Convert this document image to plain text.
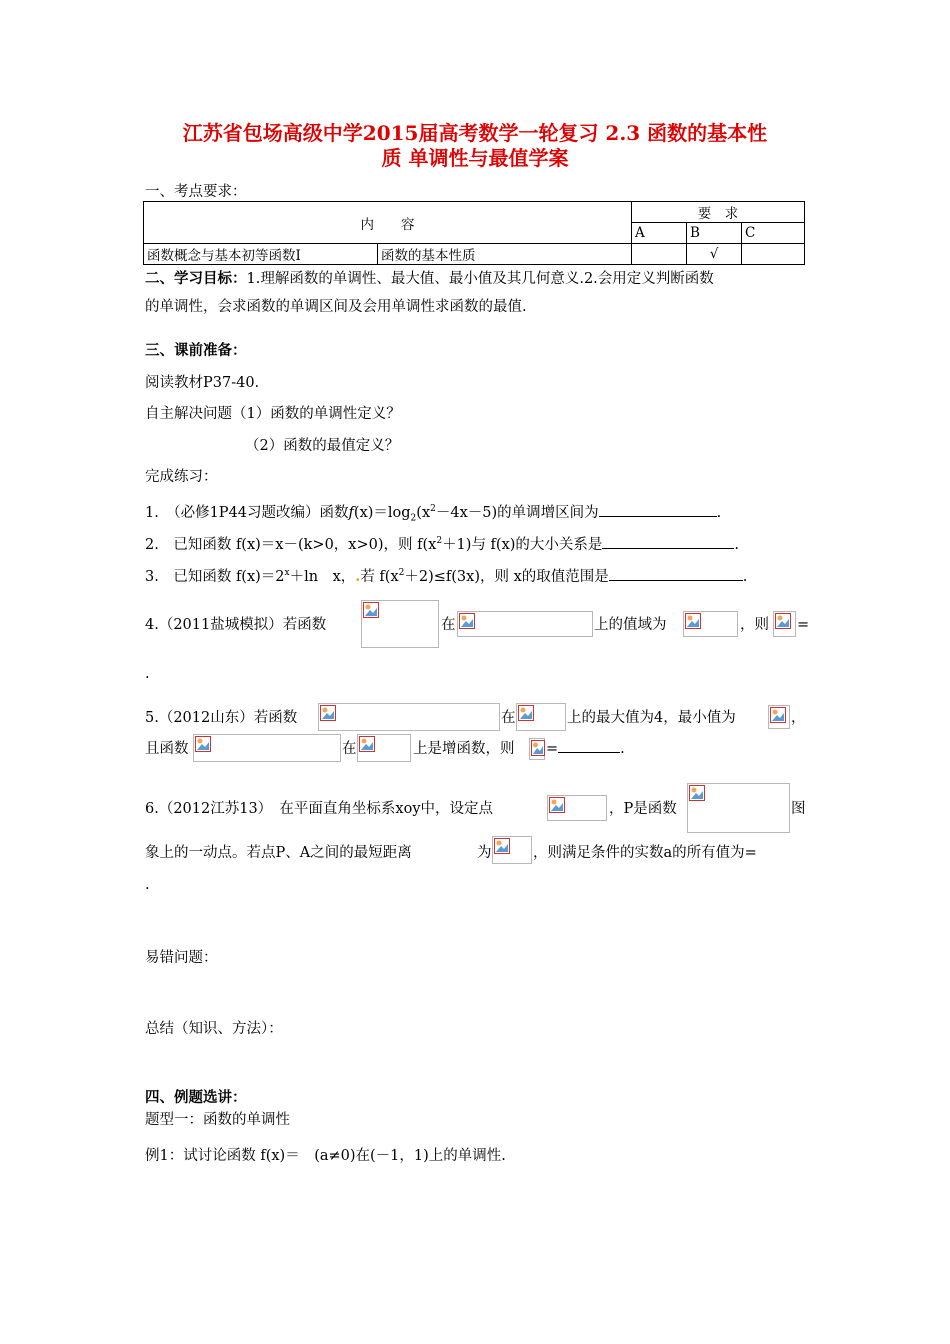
江苏省包场高级中学2015届高考数学一轮复习 2.3 函数的基本性
质 单调性与最值学案
一、考点要求：
内　　容		要　求		
		A	B	C
函数概念与基本初等函数Ⅰ	函数的基本性质		√	
二、学习目标：1.理解函数的单调性、最大值、最小值及其几何意义.2.会用定义判断函数
的单调性，会求函数的单调区间及会用单调性求函数的最值.
三、课前准备：
阅读教材P37-40.
自主解决问题（1）函数的单调性定义？
（2）函数的最值定义？
完成练习：
1.　（必修1P44习题改编）函数$f(x)=\log_2(x^2-4x-5)$的单调增区间为	.
2.　已知函数 f(x)＝x－(k>0，x>0)，则 $f(x^2+1)$与 f(x)的大小关系是	.
3.　已知函数 $f(x)=2^x+\ln$　x，.若 $f(x^2+2)\le f(3x)$，则 x的取值范围是	.
4.（2011盐城模拟）若函数	在	上的值域为	，则 =
.
5.（2012山东）若函数	在	上的最大值为4，最小值为	，
且函数	在	上是增函数，则 =	.
6.（2012江苏13）　在平面直角坐标系xoy中，设定点	，P是函数	图
象上的一动点。若点P、A之间的最短距离	为	，则满足条件的实数a的所有值为=
.
易错问题：
总结（知识、方法）：
四、例题选讲：
题型一：函数的单调性
例1：试讨论函数 f(x)＝　(a≠0)在(－1，1)上的单调性.
